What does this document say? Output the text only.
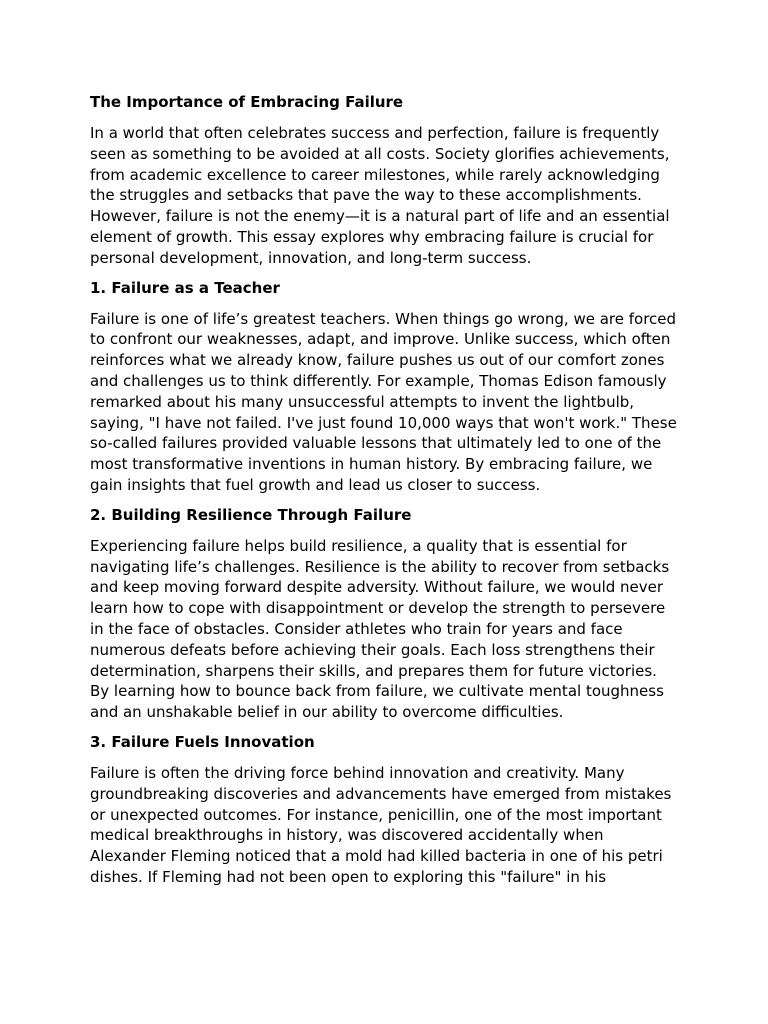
The Importance of Embracing Failure

In a world that often celebrates success and perfection, failure is frequently seen as something to be avoided at all costs. Society glorifies achievements, from academic excellence to career milestones, while rarely acknowledging the struggles and setbacks that pave the way to these accomplishments. However, failure is not the enemy—it is a natural part of life and an essential element of growth. This essay explores why embracing failure is crucial for personal development, innovation, and long-term success.

1. Failure as a Teacher

Failure is one of life’s greatest teachers. When things go wrong, we are forced to confront our weaknesses, adapt, and improve. Unlike success, which often reinforces what we already know, failure pushes us out of our comfort zones and challenges us to think differently. For example, Thomas Edison famously remarked about his many unsuccessful attempts to invent the lightbulb, saying, "I have not failed. I've just found 10,000 ways that won't work." These so-called failures provided valuable lessons that ultimately led to one of the most transformative inventions in human history. By embracing failure, we gain insights that fuel growth and lead us closer to success.

2. Building Resilience Through Failure

Experiencing failure helps build resilience, a quality that is essential for navigating life’s challenges. Resilience is the ability to recover from setbacks and keep moving forward despite adversity. Without failure, we would never learn how to cope with disappointment or develop the strength to persevere in the face of obstacles. Consider athletes who train for years and face numerous defeats before achieving their goals. Each loss strengthens their determination, sharpens their skills, and prepares them for future victories. By learning how to bounce back from failure, we cultivate mental toughness and an unshakable belief in our ability to overcome difficulties.

3. Failure Fuels Innovation

Failure is often the driving force behind innovation and creativity. Many groundbreaking discoveries and advancements have emerged from mistakes or unexpected outcomes. For instance, penicillin, one of the most important medical breakthroughs in history, was discovered accidentally when Alexander Fleming noticed that a mold had killed bacteria in one of his petri dishes. If Fleming had not been open to exploring this "failure" in his
